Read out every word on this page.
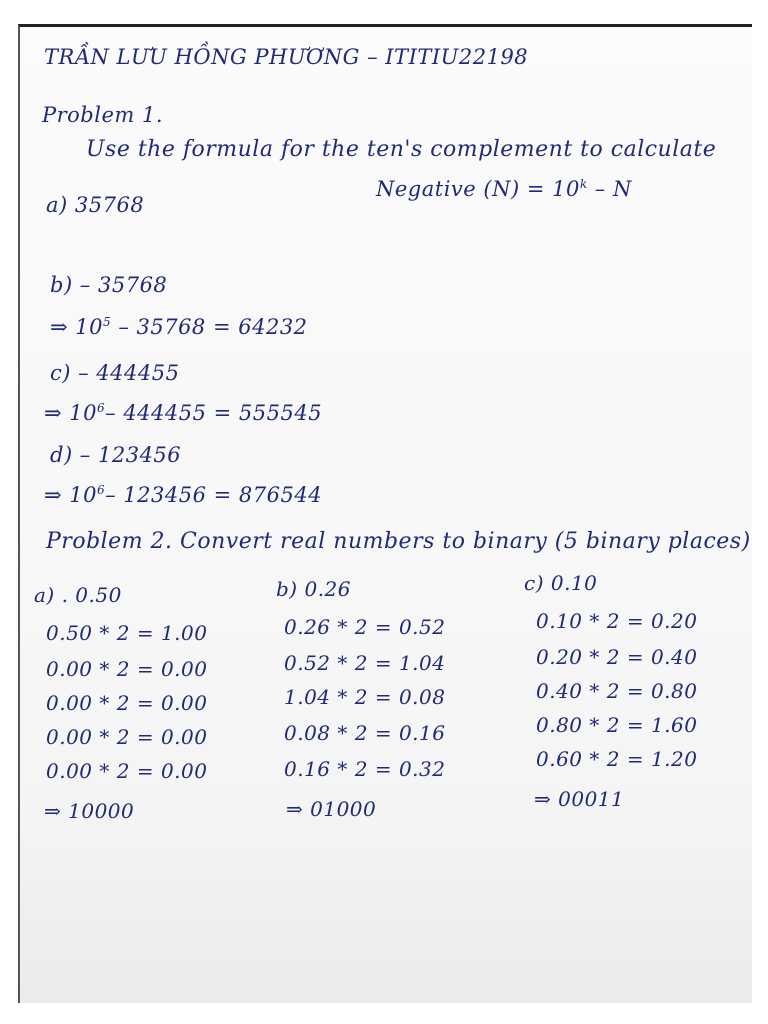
TRẦN LƯU HỒNG PHƯƠNG – ITITIU22198
Problem 1.
Use the formula for the ten's complement to calculate
Negative $(N) = 10^k - N$
a) 35768
b) – 35768
⇒ $10^5 - 35768 = 64232$
c) – 444455
⇒ $10^6-$ 444455 = 555545
d) – 123456
⇒ $10^6-$ 123456 = 876544
Problem 2. Convert real numbers to binary (5 binary places)
a) . 0.50
0.50 * 2 = 1.00
0.00 * 2 = 0.00
0.00 * 2 = 0.00
0.00 * 2 = 0.00
0.00 * 2 = 0.00
⇒ 10000
b) 0.26
0.26 * 2 = 0.52
0.52 * 2 = 1.04
1.04 * 2 = 0.08
0.08 * 2 = 0.16
0.16 * 2 = 0.32
⇒ 01000
c) 0.10
0.10 * 2 = 0.20
0.20 * 2 = 0.40
0.40 * 2 = 0.80
0.80 * 2 = 1.60
0.60 * 2 = 1.20
⇒ 00011
